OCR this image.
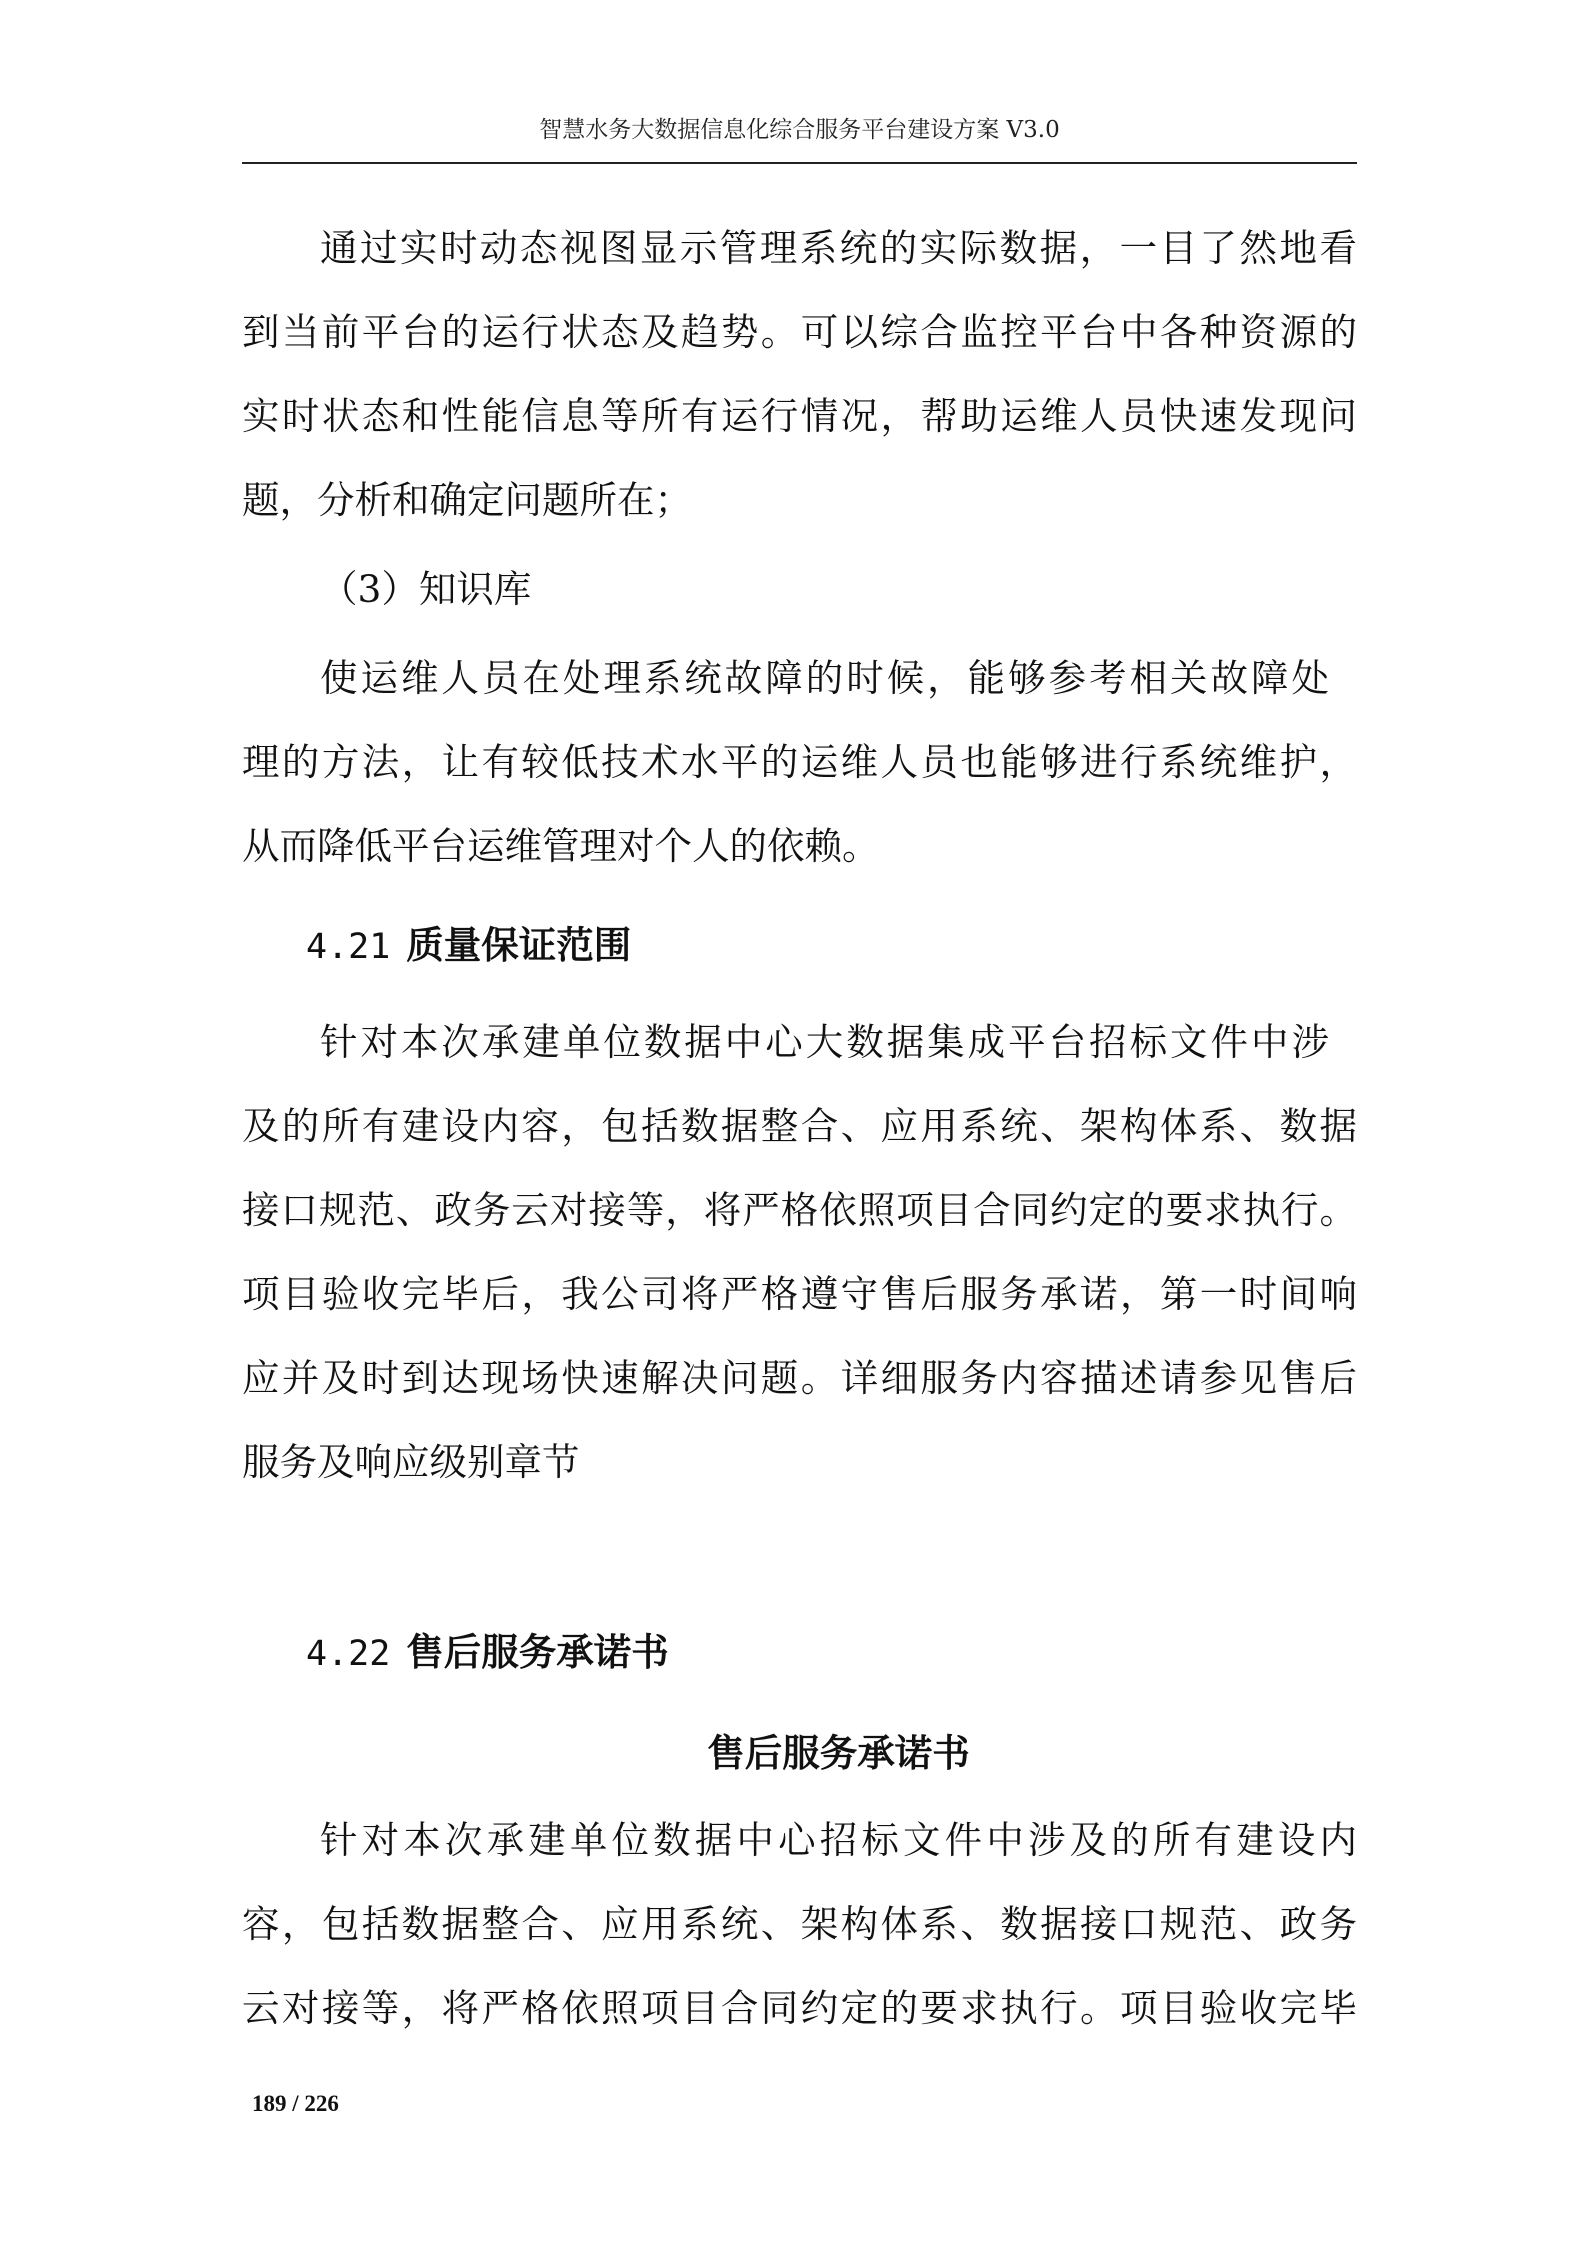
智慧水务大数据信息化综合服务平台建设方案 V3.0
通过实时动态视图显示管理系统的实际数据，一目了然地看
到当前平台的运行状态及趋势。可以综合监控平台中各种资源的
实时状态和性能信息等所有运行情况，帮助运维人员快速发现问
题，分析和确定问题所在；
（3）知识库
使运维人员在处理系统故障的时候，能够参考相关故障处
理的方法，让有较低技术水平的运维人员也能够进行系统维护，
从而降低平台运维管理对个人的依赖。
4.21 质量保证范围
针对本次承建单位数据中心大数据集成平台招标文件中涉
及的所有建设内容，包括数据整合、应用系统、架构体系、数据
接口规范、政务云对接等，将严格依照项目合同约定的要求执行。
项目验收完毕后，我公司将严格遵守售后服务承诺，第一时间响
应并及时到达现场快速解决问题。详细服务内容描述请参见售后
服务及响应级别章节
4.22 售后服务承诺书
售后服务承诺书
针对本次承建单位数据中心招标文件中涉及的所有建设内
容，包括数据整合、应用系统、架构体系、数据接口规范、政务
云对接等，将严格依照项目合同约定的要求执行。项目验收完毕
189 / 226
